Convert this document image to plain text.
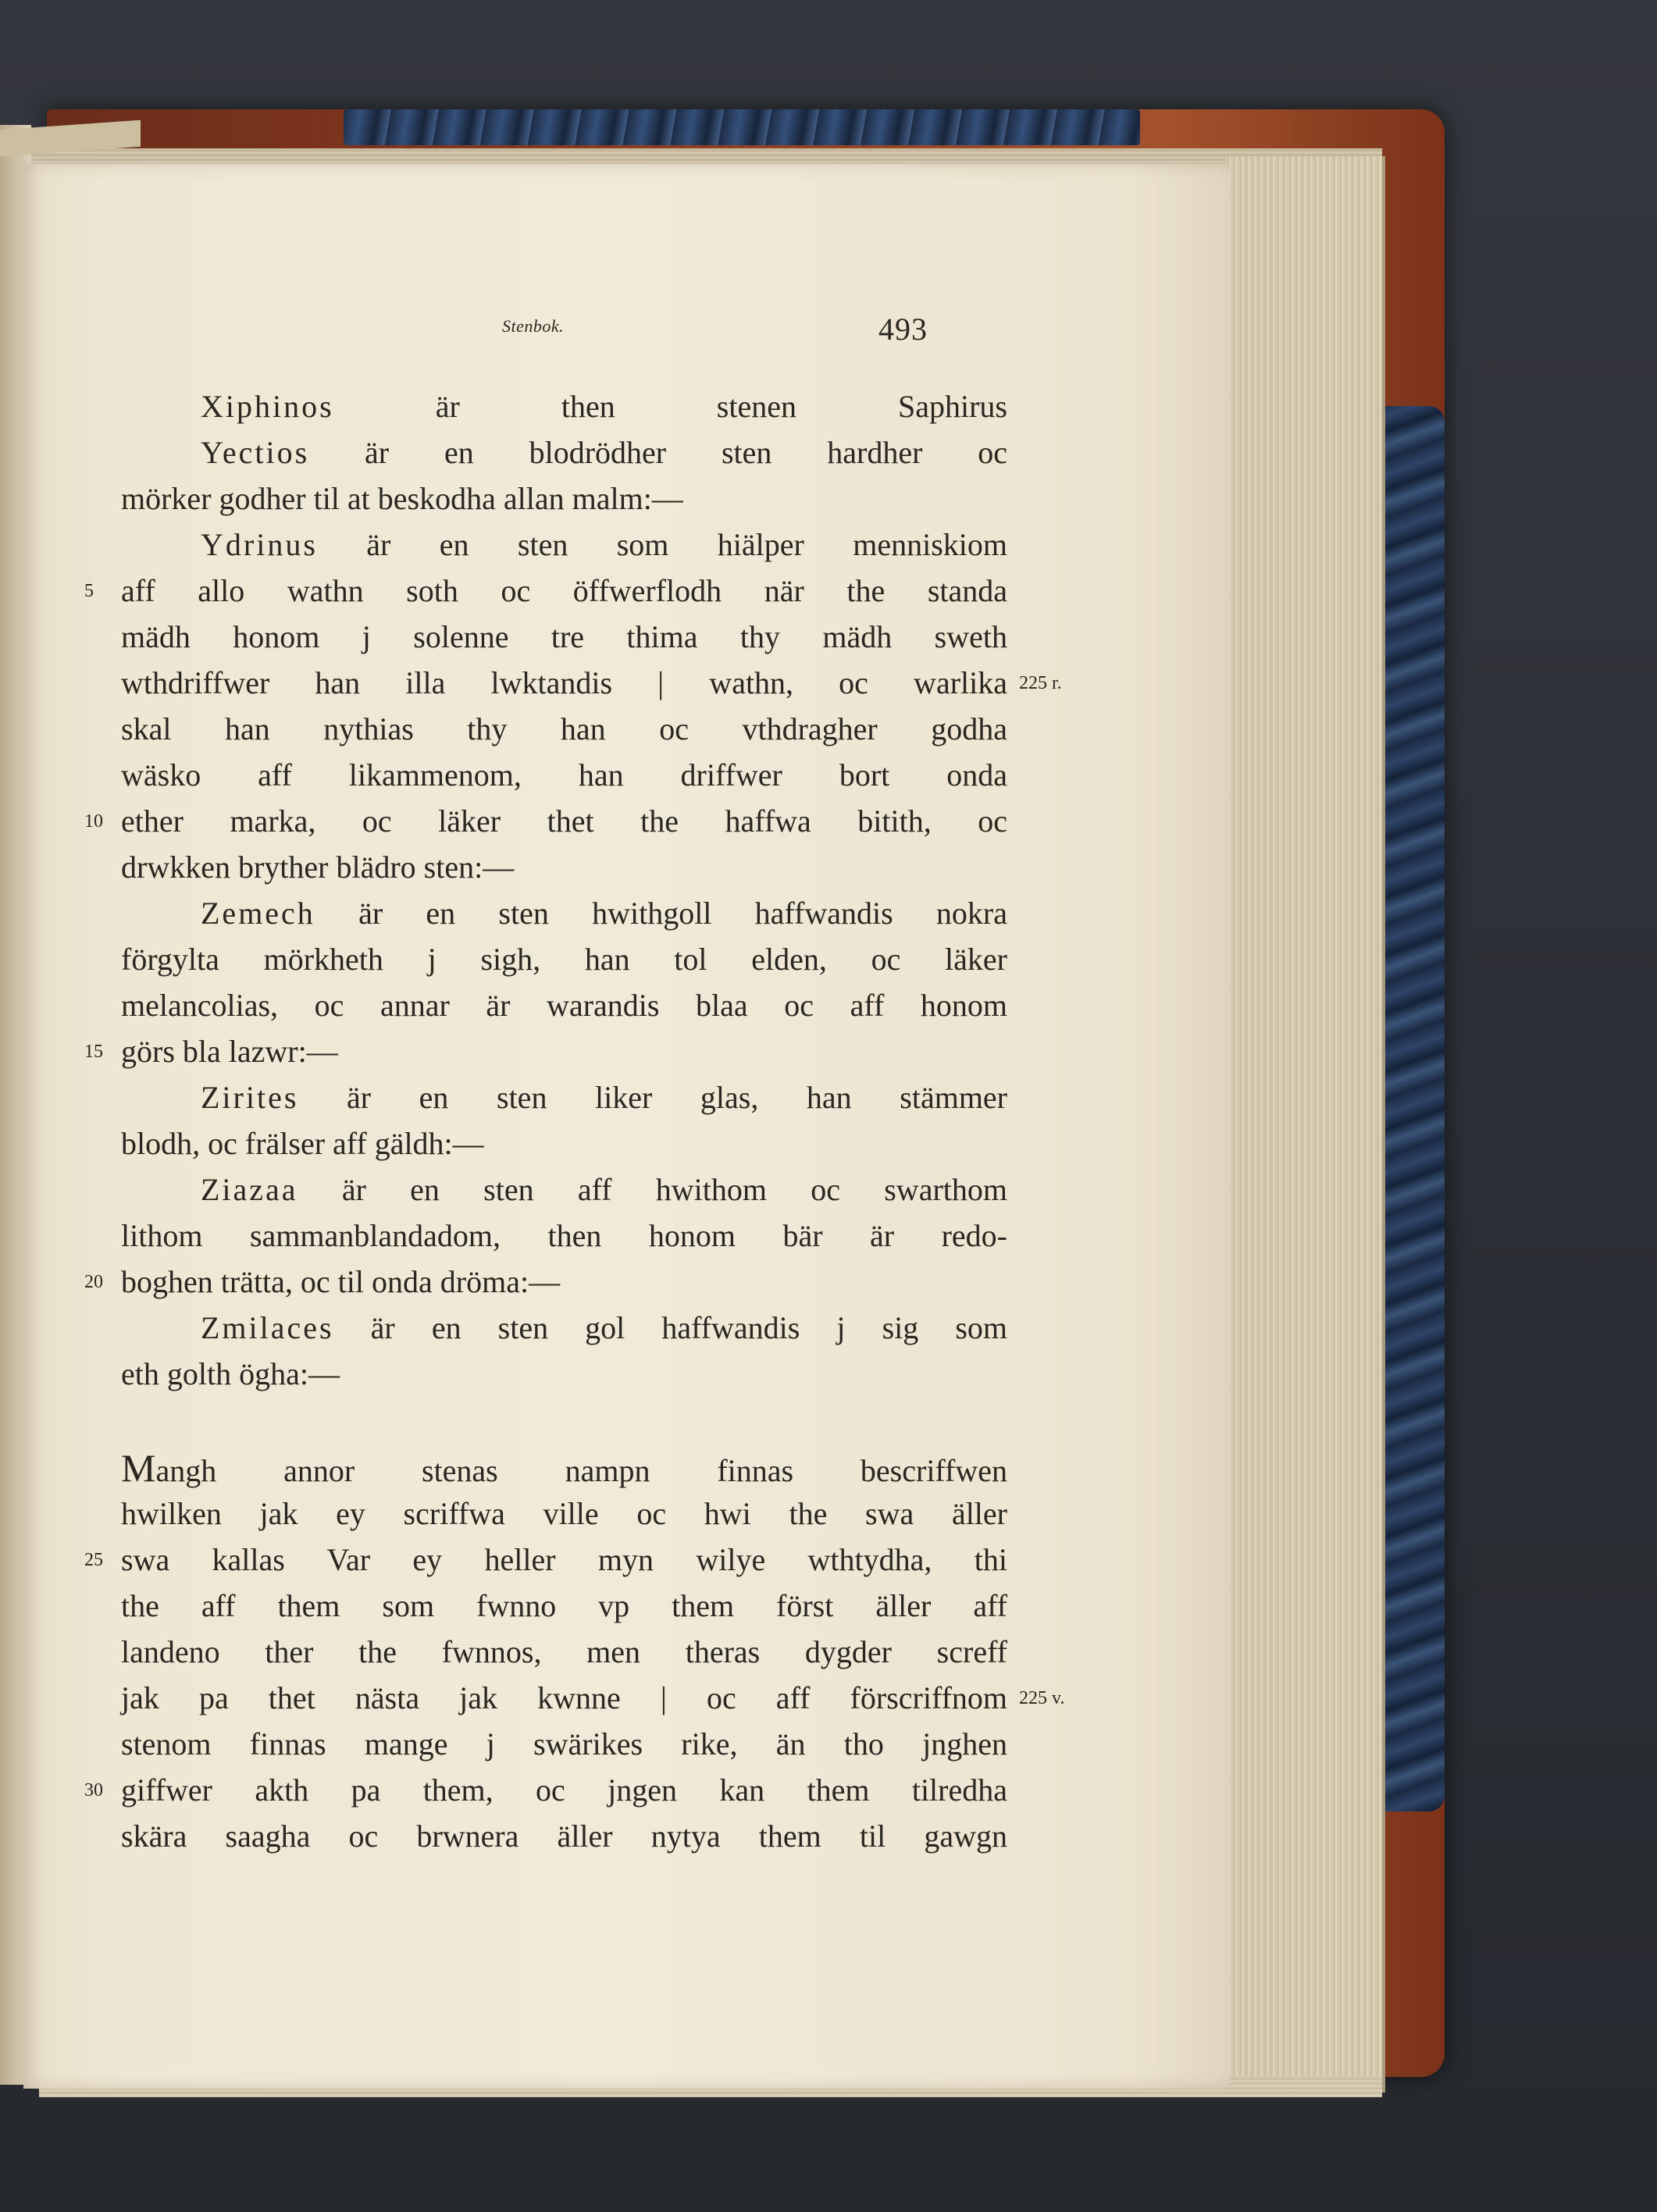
Stenbok.	493
Xiphinos är then stenen Saphirus
Yectios är en blodrödher sten hardher oc
mörker godher til at beskodha allan malm:—
Ydrinus är en sten som hiälper menniskiom
5 aff allo wathn soth oc öffwerflodh när the standa
mädh honom j solenne tre thima thy mädh sweth
wthdriffwer han illa lwktandis | wathn, oc warlika 225 r.
skal han nythias thy han oc vthdragher godha
wäsko aff likammenom, han driffwer bort onda
10 ether marka, oc läker thet the haffwa bitith, oc
drwkken bryther blädro sten:—
Zemech är en sten hwithgoll haffwandis nokra
förgylta mörkheth j sigh, han tol elden, oc läker
melancolias, oc annar är warandis blaa oc aff honom
15 görs bla lazwr:—
Zirites är en sten liker glas, han stämmer
blodh, oc frälser aff gäldh:—
Ziazaa är en sten aff hwithom oc swarthom
lithom sammanblandadom, then honom bär är redo-
20 boghen trätta, oc til onda dröma:—
Zmilaces är en sten gol haffwandis j sig som
eth golth ögha:—
Mangh annor stenas nampn finnas bescriffwen
hwilken jak ey scriffwa ville oc hwi the swa äller
25 swa kallas Var ey heller myn wilye wthtydha, thi
the aff them som fwnno vp them först äller aff
landeno ther the fwnnos, men theras dygder screff
jak pa thet nästa jak kwnne | oc aff förscriffnom 225 v.
stenom finnas mange j swärikes rike, än tho jnghen
30 giffwer akth pa them, oc jngen kan them tilredha
skära saagha oc brwnera äller nytya them til gawgn
